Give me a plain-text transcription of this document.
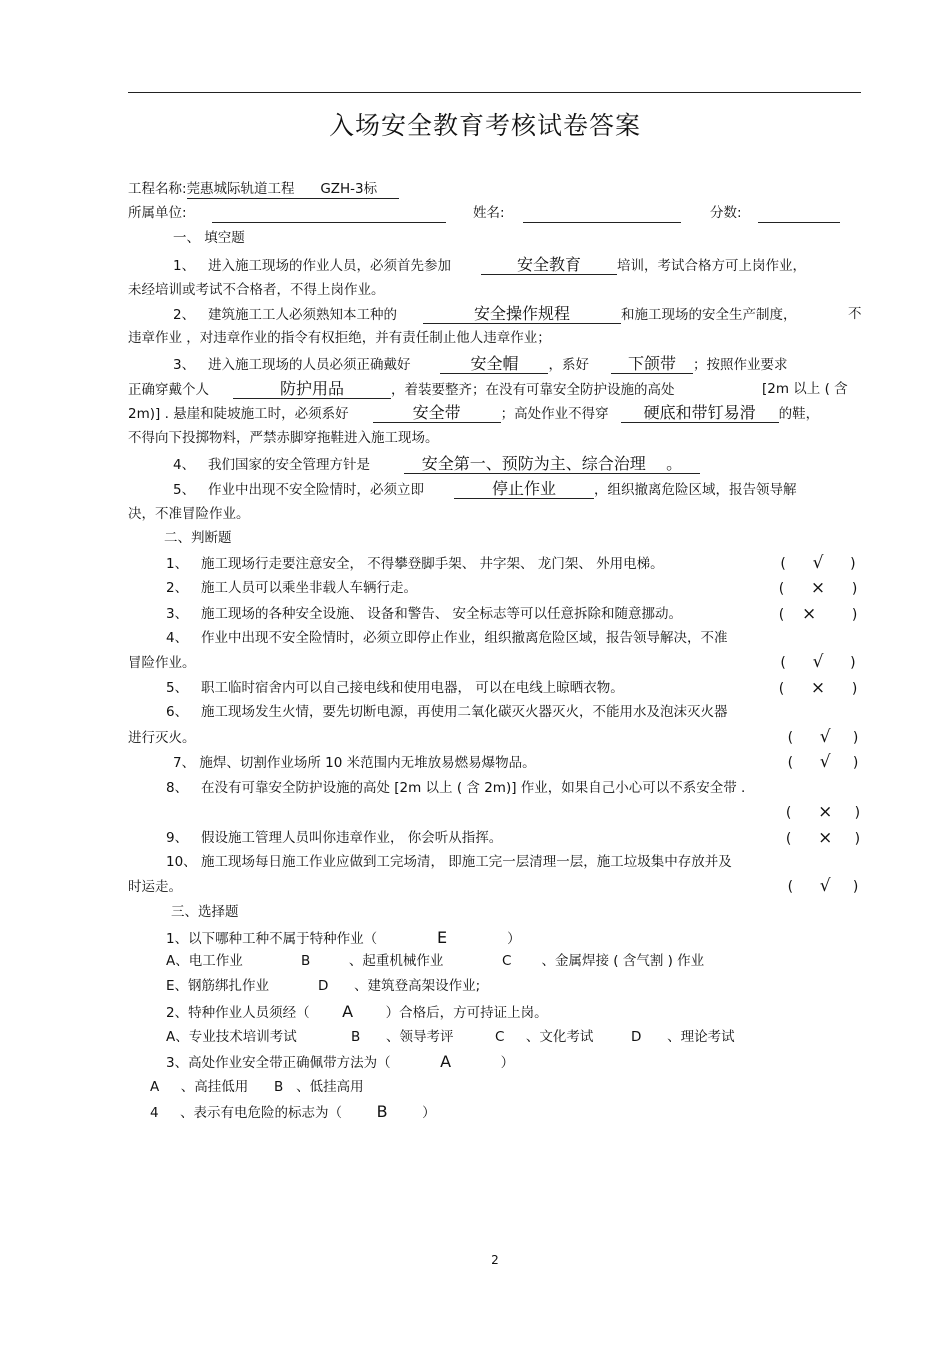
入场安全教育考核试卷答案
工程名称:莞惠城际轨道工程 GZH-3标
所属单位:	姓名:	分数:
一、 填空题
1、 进入施工现场的作业人员，必须首先参加	安全教育	培训，考试合格方可上岗作业，
未经培训或考试不合格者，不得上岗作业。
2、 建筑施工工人必须熟知本工种的	安全操作规程	和施工现场的安全生产制度，	不
违章作业 ，对违章作业的指令有权拒绝，并有责任制止他人违章作业；
3、 进入施工现场的人员必须正确戴好	安全帽 ，系好 下颌带 ；按照作业要求
正确穿戴个人	防护用品	，着装要整齐；在没有可靠安全防护设施的高处	[2m 以上 ( 含
2m)] . 悬崖和陡坡施工时，必须系好	安全带	；高处作业不得穿 硬底和带钉易滑 的鞋，
不得向下投掷物料，严禁赤脚穿拖鞋进入施工现场。
4、 我们国家的安全管理方针是	安全第一、预防为主、综合治理 。
5、 作业中出现不安全险情时，必须立即	停止作业	，组织撤离危险区域，报告领导解
决，不准冒险作业。
二、判断题
1、 施工现场行走要注意安全， 不得攀登脚手架、 井字架、 龙门架、 外用电梯。	( √ )
2、 施工人员可以乘坐非载人车辆行走。	( × )
3、 施工现场的各种安全设施、 设备和警告、 安全标志等可以任意拆除和随意挪动。	( ×	)
4、 作业中出现不安全险情时，必须立即停止作业，组织撤离危险区域，报告领导解决，不准
冒险作业。	( √ )
5、 职工临时宿舍内可以自己接电线和使用电器， 可以在电线上晾晒衣物。	( × )
6、 施工现场发生火情，要先切断电源，再使用二氧化碳灭火器灭火，不能用水及泡沫灭火器
进行灭火。	( √ )
7、 施焊、切割作业场所 10 米范围内无堆放易燃易爆物品。	( √ )
8、 在没有可靠安全防护设施的高处 [2m 以上 ( 含 2m)] 作业，如果自己小心可以不系安全带 .
( × )
9、 假设施工管理人员叫你违章作业， 你会听从指挥。	( × )
10、 施工现场每日施工作业应做到工完场清， 即施工完一层清理一层，施工垃圾集中存放并及
时运走。	( √ )
三、选择题
1、以下哪种工种不属于特种作业（	E	）
A、电工作业	B	、起重机械作业	C 、金属焊接 ( 含气割 ) 作业
E、钢筋绑扎作业	D 、建筑登高架设作业;
2、特种作业人员须经（ A ）合格后，方可持证上岗。
A、专业技术培训考试	B 、领导考评	C 、文化考试	D 、理论考试
3、高处作业安全带正确佩带方法为（	A	）
A 、高挂低用 B 、低挂高用
4 、表示有电危险的标志为（ B	）
2
